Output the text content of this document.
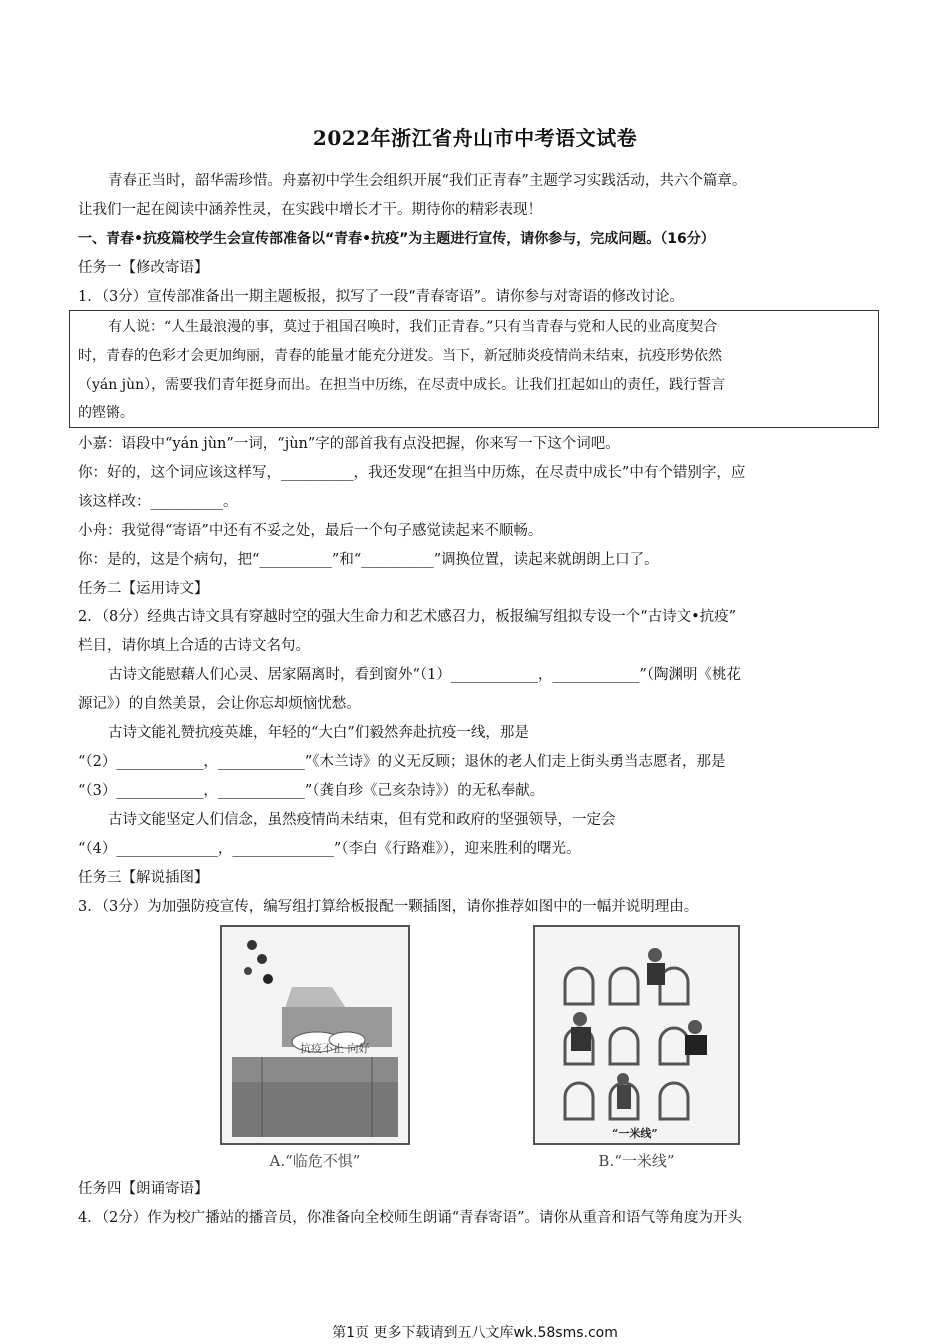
2022年浙江省舟山市中考语文试卷
青春正当时，韶华需珍惜。舟嘉初中学生会组织开展“我们正青春”主题学习实践活动，共六个篇章。
让我们一起在阅读中涵养性灵，在实践中增长才干。期待你的精彩表现！
一、青春•抗疫篇校学生会宣传部准备以“青春•抗疫”为主题进行宣传，请你参与，完成问题。（16分）
任务一【修改寄语】
1．（3分）宣传部准备出一期主题板报，拟写了一段“青春寄语”。请你参与对寄语的修改讨论。
有人说：“人生最浪漫的事，莫过于祖国召唤时，我们正青春。”只有当青春与党和人民的业高度契合
时，青春的色彩才会更加绚丽，青春的能量才能充分迸发。当下，新冠肺炎疫情尚未结束，抗疫形势依然
（yán jùn），需要我们青年挺身而出。在担当中历练，在尽责中成长。让我们扛起如山的责任，践行誓言
的铿锵。
小嘉：语段中“yán jùn”一词，“jùn”字的部首我有点没把握，你来写一下这个词吧。
你：好的，这个词应该这样写，__________，我还发现“在担当中历炼，在尽责中成长”中有个错别字，应
该这样改：__________。
小舟：我觉得“寄语”中还有不妥之处，最后一个句子感觉读起来不顺畅。
你：是的，这是个病句，把“__________”和“__________”调换位置，读起来就朗朗上口了。
任务二【运用诗文】
2．（8分）经典古诗文具有穿越时空的强大生命力和艺术感召力，板报编写组拟专设一个“古诗文•抗疫”
栏目，请你填上合适的古诗文名句。
古诗文能慰藉人们心灵、居家隔离时，看到窗外“（1）____________，____________”（陶渊明《桃花
源记》）的自然美景，会让你忘却烦恼忧愁。
古诗文能礼赞抗疫英雄，年轻的“大白”们毅然奔赴抗疫一线，那是
“（2）____________，____________”《木兰诗》的义无反顾；退休的老人们走上街头勇当志愿者，那是
“（3）____________，____________”（龚自珍《己亥杂诗》）的无私奉献。
古诗文能坚定人们信念，虽然疫情尚未结束，但有党和政府的坚强领导，一定会
“（4）______________，______________”（李白《行路难》），迎来胜利的曙光。
任务三【解说插图】
3．（3分）为加强防疫宣传，编写组打算给板报配一颗插图，请你推荐如图中的一幅并说明理由。
抗疫不止 向好
A.“临危不惧”
“一米线”
B.“一米线”
任务四【朗诵寄语】
4．（2分）作为校广播站的播音员，你准备向全校师生朗诵“青春寄语”。请你从重音和语气等角度为开头
第1页 更多下载请到五八文库wk.58sms.com
